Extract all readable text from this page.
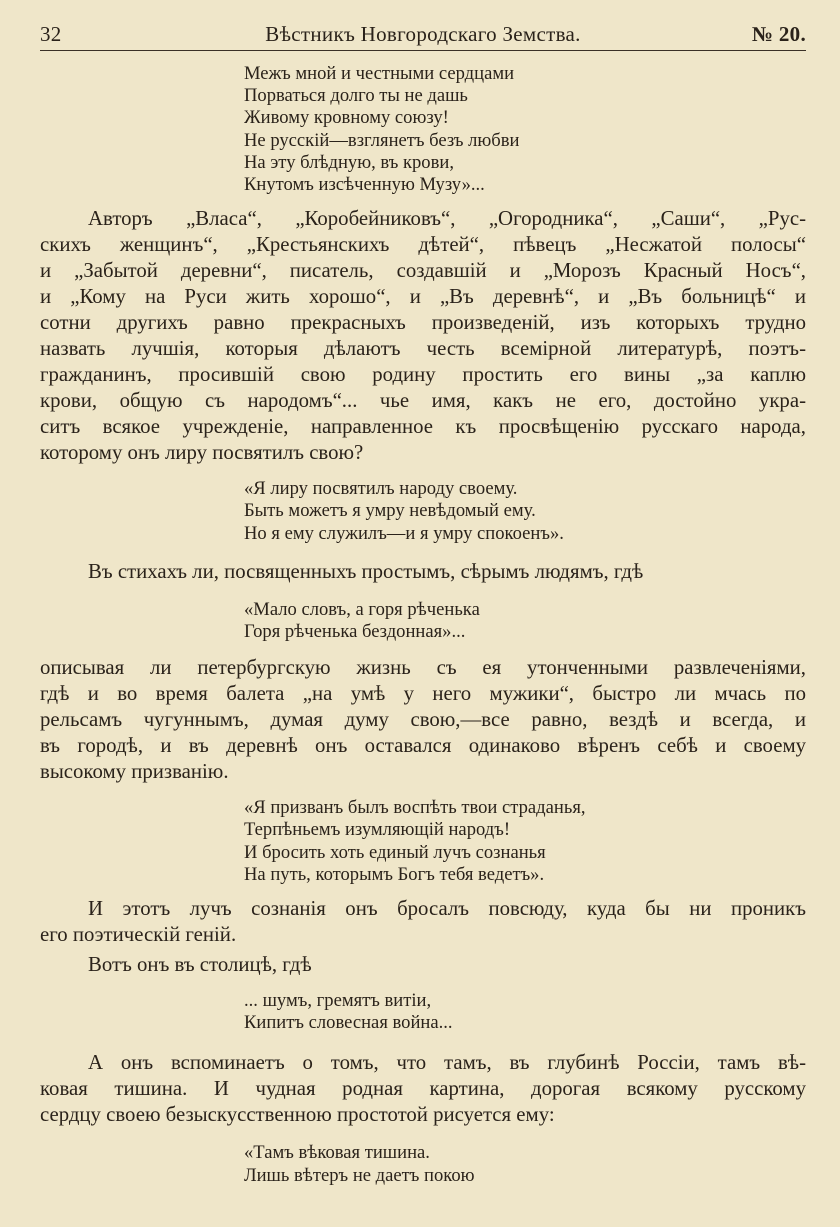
32	Вѣстникъ Новгородскаго Земства.	№ 20.
Межъ мной и честными сердцами
Порваться долго ты не дашь
Живому кровному союзу!
Не русскій—взглянетъ безъ любви
На эту блѣдную, въ крови,
Кнутомъ изсѣченную Музу»...
Авторъ „Власа“, „Коробейниковъ“, „Огородника“, „Саши“, „Рус-
скихъ женщинъ“, „Крестьянскихъ дѣтей“, пѣвецъ „Несжатой полосы“
и „Забытой деревни“, писатель, создавшій и „Морозъ Красный Носъ“,
и „Кому на Руси жить хорошо“, и „Въ деревнѣ“, и „Въ больницѣ“ и
сотни другихъ равно прекрасныхъ произведеній, изъ которыхъ трудно
назвать лучшія, которыя дѣлаютъ честь всемірной литературѣ, поэтъ-
гражданинъ, просившій свою родину простить его вины „за каплю
крови, общую съ народомъ“... чье имя, какъ не его, достойно укра-
ситъ всякое учрежденіе, направленное къ просвѣщенію русскаго народа,
которому онъ лиру посвятилъ свою?
«Я лиру посвятилъ народу своему.
Быть можетъ я умру невѣдомый ему.
Но я ему служилъ—и я умру спокоенъ».
Въ стихахъ ли, посвященныхъ простымъ, сѣрымъ людямъ, гдѣ
«Мало словъ, а горя рѣченька
Горя рѣченька бездонная»...
описывая ли петербургскую жизнь съ ея утонченными развлеченіями,
гдѣ и во время балета „на умѣ у него мужики“, быстро ли мчась по
рельсамъ чугуннымъ, думая думу свою,—все равно, вездѣ и всегда, и
въ городѣ, и въ деревнѣ онъ оставался одинаково вѣренъ себѣ и своему
высокому призванію.
«Я призванъ былъ воспѣть твои страданья,
Терпѣньемъ изумляющій народъ!
И бросить хоть единый лучъ сознанья
На путь, которымъ Богъ тебя ведетъ».
И этотъ лучъ сознанія онъ бросалъ повсюду, куда бы ни проникъ
его поэтическій геній.
Вотъ онъ въ столицѣ, гдѣ
... шумъ, гремятъ витіи,
Кипитъ словесная война...
А онъ вспоминаетъ о томъ, что тамъ, въ глубинѣ Россіи, тамъ вѣ-
ковая тишина. И чудная родная картина, дорогая всякому русскому
сердцу своею безыскусственною простотой рисуется ему:
«Тамъ вѣковая тишина.
Лишь вѣтеръ не даетъ покою
